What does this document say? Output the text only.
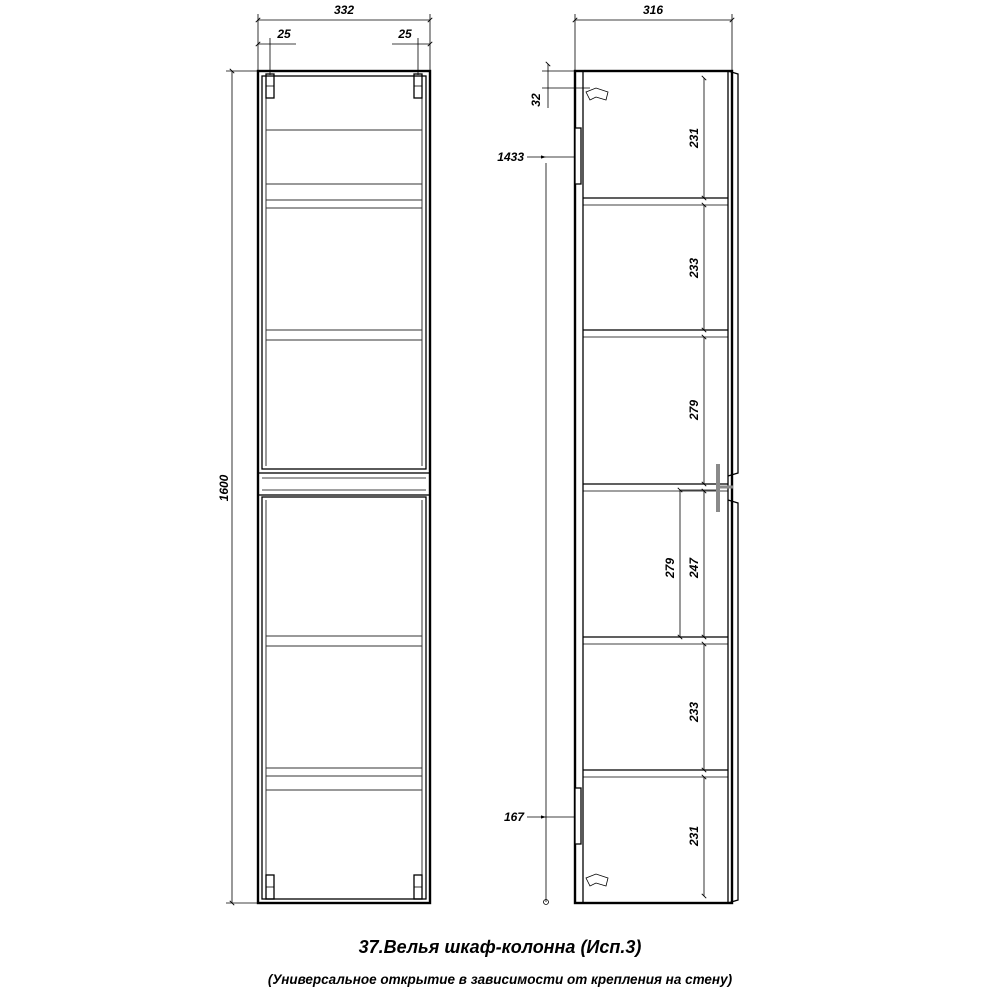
332
25	25
1600
316
32
1433
167
231
233
279
247
233
231
279
37.Велья шкаф-колонна (Исп.3)
(Универсальное открытие в зависимости от крепления на стену)
